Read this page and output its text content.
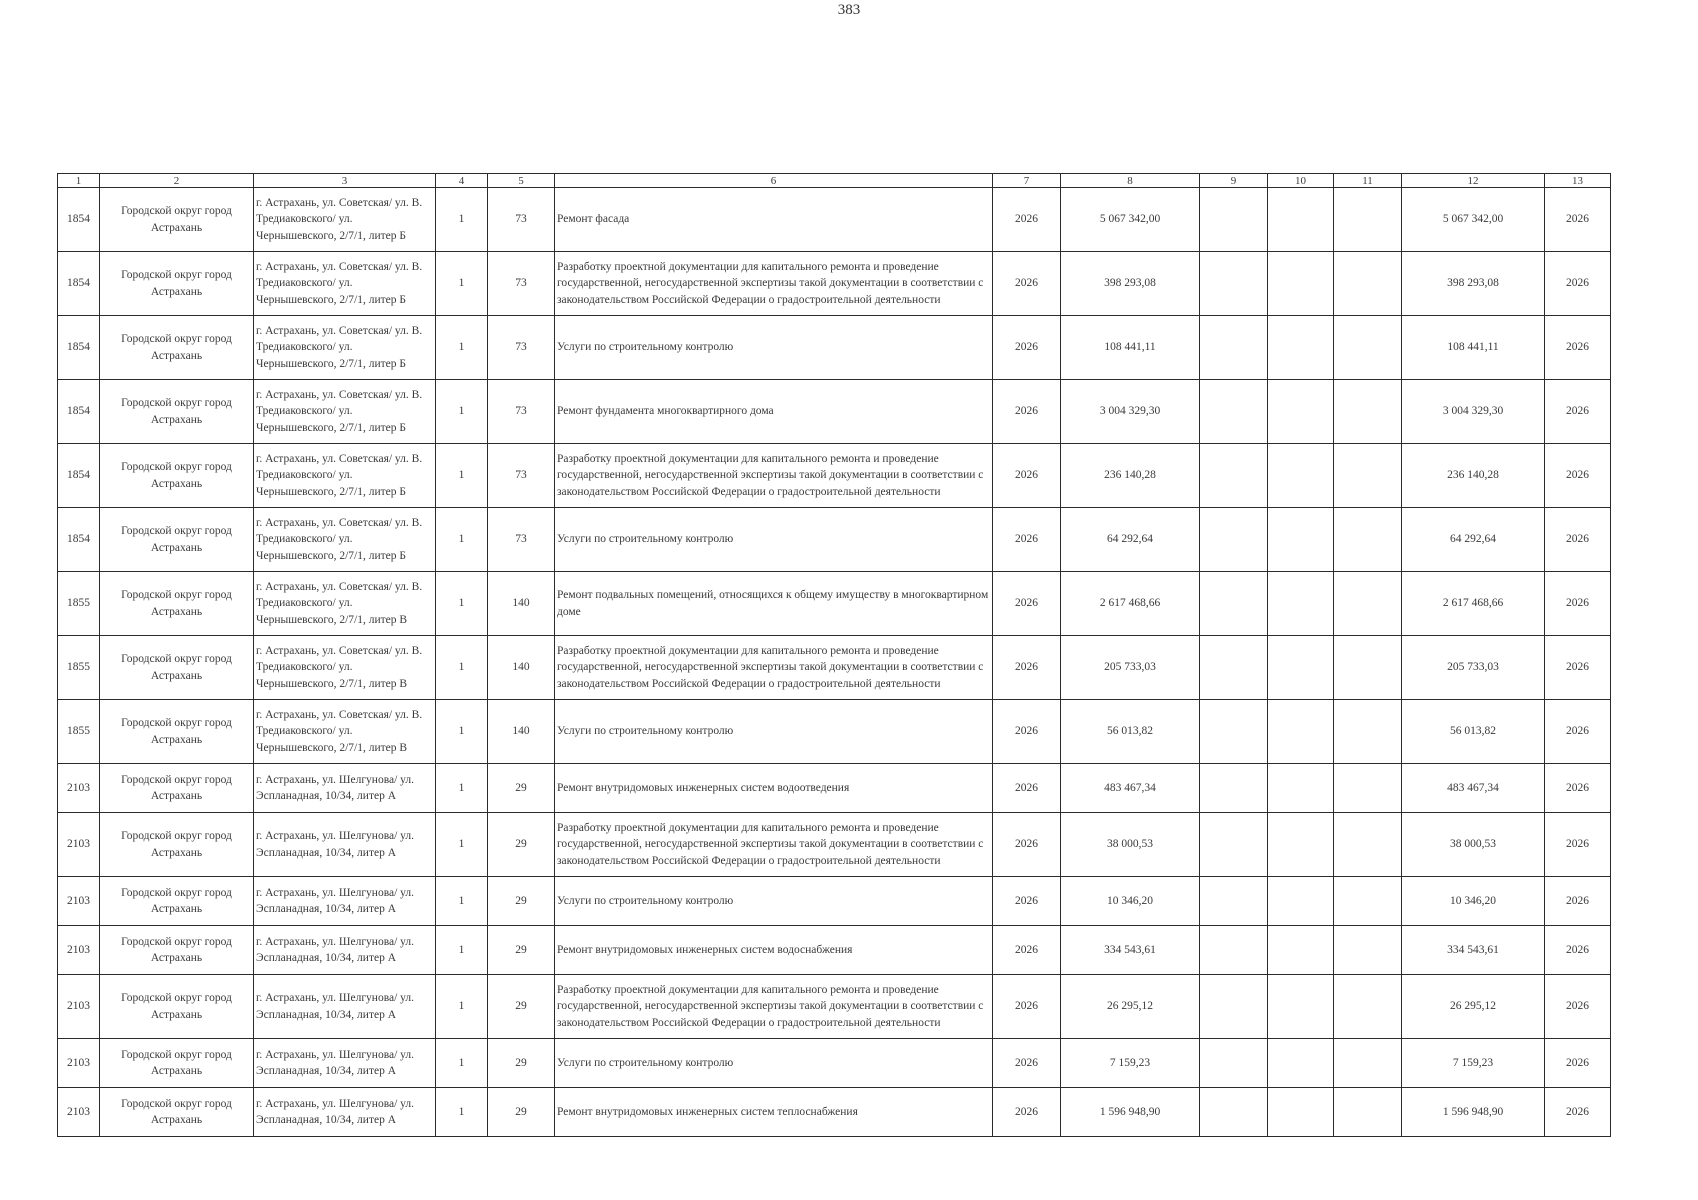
383
1	2	3	4	5	6	7	8	9	10	11	12	13

1854	Городской округ город Астрахань	г. Астрахань, ул. Советская/ ул. В. Тредиаковского/ ул. Чернышевского, 2/7/1, литер Б	1	73	Ремонт фасада	2026	5 067 342,00				5 067 342,00	2026

1854	Городской округ город Астрахань	г. Астрахань, ул. Советская/ ул. В. Тредиаковского/ ул. Чернышевского, 2/7/1, литер Б	1	73	Разработку проектной документации для капитального ремонта и проведение государственной, негосударственной экспертизы такой документации в соответствии с законодательством Российской Федерации о градостроительной деятельности	2026	398 293,08				398 293,08	2026

1854	Городской округ город Астрахань	г. Астрахань, ул. Советская/ ул. В. Тредиаковского/ ул. Чернышевского, 2/7/1, литер Б	1	73	Услуги по строительному контролю	2026	108 441,11				108 441,11	2026

1854	Городской округ город Астрахань	г. Астрахань, ул. Советская/ ул. В. Тредиаковского/ ул. Чернышевского, 2/7/1, литер Б	1	73	Ремонт фундамента многоквартирного дома	2026	3 004 329,30				3 004 329,30	2026

1854	Городской округ город Астрахань	г. Астрахань, ул. Советская/ ул. В. Тредиаковского/ ул. Чернышевского, 2/7/1, литер Б	1	73	Разработку проектной документации для капитального ремонта и проведение государственной, негосударственной экспертизы такой документации в соответствии с законодательством Российской Федерации о градостроительной деятельности	2026	236 140,28				236 140,28	2026

1854	Городской округ город Астрахань	г. Астрахань, ул. Советская/ ул. В. Тредиаковского/ ул. Чернышевского, 2/7/1, литер Б	1	73	Услуги по строительному контролю	2026	64 292,64				64 292,64	2026

1855	Городской округ город Астрахань	г. Астрахань, ул. Советская/ ул. В. Тредиаковского/ ул. Чернышевского, 2/7/1, литер В	1	140	Ремонт подвальных помещений, относящихся к общему имуществу в многоквартирном доме	2026	2 617 468,66				2 617 468,66	2026

1855	Городской округ город Астрахань	г. Астрахань, ул. Советская/ ул. В. Тредиаковского/ ул. Чернышевского, 2/7/1, литер В	1	140	Разработку проектной документации для капитального ремонта и проведение государственной, негосударственной экспертизы такой документации в соответствии с законодательством Российской Федерации о градостроительной деятельности	2026	205 733,03				205 733,03	2026

1855	Городской округ город Астрахань	г. Астрахань, ул. Советская/ ул. В. Тредиаковского/ ул. Чернышевского, 2/7/1, литер В	1	140	Услуги по строительному контролю	2026	56 013,82				56 013,82	2026

2103	Городской округ город Астрахань	г. Астрахань, ул. Шелгунова/ ул. Эспланадная, 10/34, литер А	1	29	Ремонт внутридомовых инженерных систем водоотведения	2026	483 467,34				483 467,34	2026

2103	Городской округ город Астрахань	г. Астрахань, ул. Шелгунова/ ул. Эспланадная, 10/34, литер А	1	29	Разработку проектной документации для капитального ремонта и проведение государственной, негосударственной экспертизы такой документации в соответствии с законодательством Российской Федерации о градостроительной деятельности	2026	38 000,53				38 000,53	2026

2103	Городской округ город Астрахань	г. Астрахань, ул. Шелгунова/ ул. Эспланадная, 10/34, литер А	1	29	Услуги по строительному контролю	2026	10 346,20				10 346,20	2026

2103	Городской округ город Астрахань	г. Астрахань, ул. Шелгунова/ ул. Эспланадная, 10/34, литер А	1	29	Ремонт внутридомовых инженерных систем водоснабжения	2026	334 543,61				334 543,61	2026

2103	Городской округ город Астрахань	г. Астрахань, ул. Шелгунова/ ул. Эспланадная, 10/34, литер А	1	29	Разработку проектной документации для капитального ремонта и проведение государственной, негосударственной экспертизы такой документации в соответствии с законодательством Российской Федерации о градостроительной деятельности	2026	26 295,12				26 295,12	2026

2103	Городской округ город Астрахань	г. Астрахань, ул. Шелгунова/ ул. Эспланадная, 10/34, литер А	1	29	Услуги по строительному контролю	2026	7 159,23				7 159,23	2026

2103	Городской округ город Астрахань	г. Астрахань, ул. Шелгунова/ ул. Эспланадная, 10/34, литер А	1	29	Ремонт внутридомовых инженерных систем теплоснабжения	2026	1 596 948,90				1 596 948,90	2026
